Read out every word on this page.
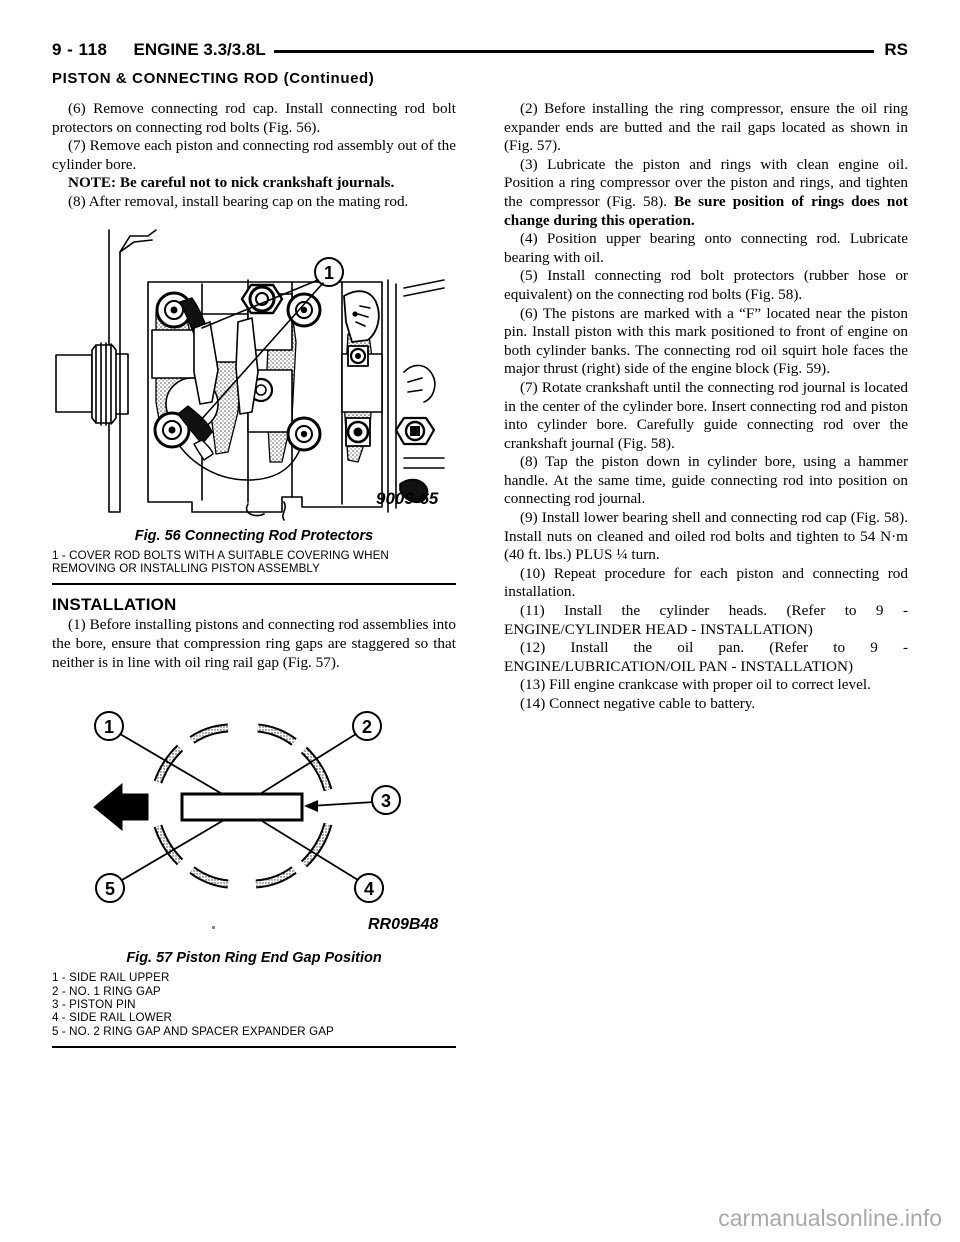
9 - 118 ENGINE 3.3/3.8L	RS
PISTON & CONNECTING ROD (Continued)

(6) Remove connecting rod cap. Install connecting rod bolt protectors on connecting rod bolts (Fig. 56).

(7) Remove each piston and connecting rod assembly out of the cylinder bore.

NOTE: Be careful not to nick crankshaft journals.

(8) After removal, install bearing cap on the mating rod.

1
9009-65
Fig. 56 Connecting Rod Protectors
1 - COVER ROD BOLTS WITH A SUITABLE COVERING WHEN REMOVING OR INSTALLING PISTON ASSEMBLY
INSTALLATION

(1) Before installing pistons and connecting rod assemblies into the bore, ensure that compression ring gaps are staggered so that neither is in line with oil ring rail gap (Fig. 57).

1	2
3
4
5
RR09B48
Fig. 57 Piston Ring End Gap Position
1 - SIDE RAIL UPPER
2 - NO. 1 RING GAP
3 - PISTON PIN
4 - SIDE RAIL LOWER
5 - NO. 2 RING GAP AND SPACER EXPANDER GAP

(2) Before installing the ring compressor, ensure the oil ring expander ends are butted and the rail gaps located as shown in (Fig. 57).

(3) Lubricate the piston and rings with clean engine oil. Position a ring compressor over the piston and rings, and tighten the compressor (Fig. 58). Be sure position of rings does not change during this operation.

(4) Position upper bearing onto connecting rod. Lubricate bearing with oil.

(5) Install connecting rod bolt protectors (rubber hose or equivalent) on the connecting rod bolts (Fig. 58).

(6) The pistons are marked with a “F” located near the piston pin. Install piston with this mark positioned to front of engine on both cylinder banks. The connecting rod oil squirt hole faces the major thrust (right) side of the engine block (Fig. 59).

(7) Rotate crankshaft until the connecting rod journal is located in the center of the cylinder bore. Insert connecting rod and piston into cylinder bore. Carefully guide connecting rod over the crankshaft journal (Fig. 58).

(8) Tap the piston down in cylinder bore, using a hammer handle. At the same time, guide connecting rod into position on connecting rod journal.

(9) Install lower bearing shell and connecting rod cap (Fig. 58). Install nuts on cleaned and oiled rod bolts and tighten to 54 N·m (40 ft. lbs.) PLUS ¼ turn.

(10) Repeat procedure for each piston and connecting rod installation.

(11) Install the cylinder heads. (Refer to 9 - ENGINE/CYLINDER HEAD - INSTALLATION)

(12) Install the oil pan. (Refer to 9 - ENGINE/LUBRICATION/OIL PAN - INSTALLATION)

(13) Fill engine crankcase with proper oil to correct level.

(14) Connect negative cable to battery.

carmanualsonline.info
